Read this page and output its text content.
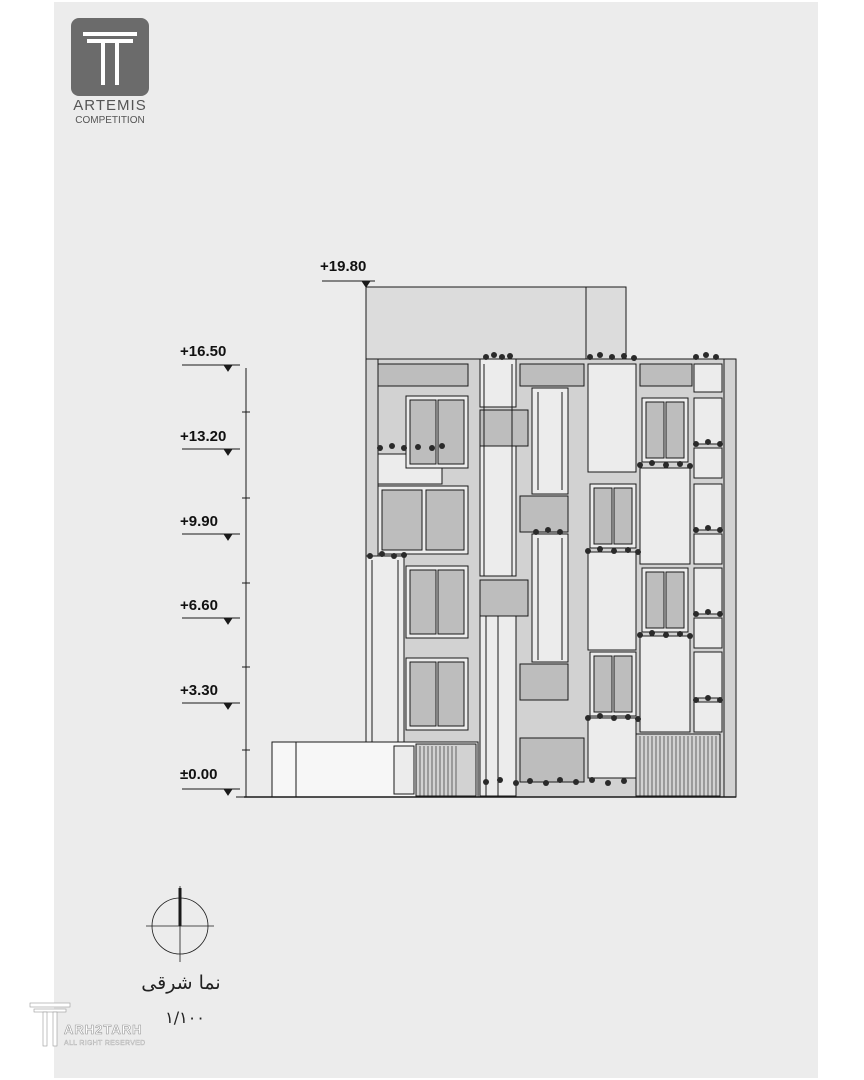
ARTEMIS
COMPETITION
+19.80
+16.50
+13.20
+9.90
+6.60
+3.30
±0.00
نما شرقی
۱/۱۰۰
ARH2TARH
ALL RIGHT RESERVED
